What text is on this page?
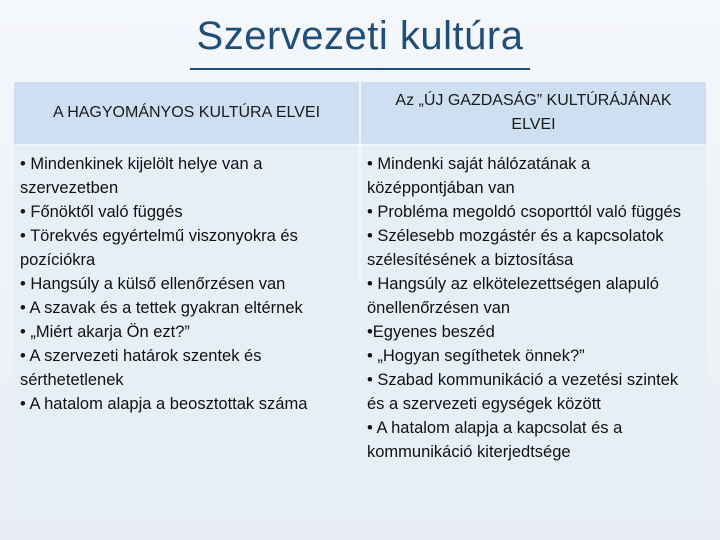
Szervezeti kultúra
A HAGYOMÁNYOS KULTÚRA ELVEI
Az „ÚJ GAZDASÁG” KULTÚRÁJÁNAK ELVEI

• Mindenkinek kijelölt helye van a szervezetben

• Főnöktől való függés

• Törekvés egyértelmű viszonyokra és pozíciókra

• Hangsúly a külső ellenőrzésen van

• A szavak és a tettek gyakran eltérnek

• „Miért akarja Ön ezt?”

• A szervezeti határok szentek és sérthetetlenek

• A hatalom alapja a beosztottak száma

• Mindenki saját hálózatának a középpontjában van

• Probléma megoldó csoporttól való függés

• Szélesebb mozgástér és a kapcsolatok szélesítésének a biztosítása

• Hangsúly az elkötelezettségen alapuló önellenőrzésen van

•Egyenes beszéd

• „Hogyan segíthetek önnek?”

• Szabad kommunikáció a vezetési szintek és a szervezeti egységek között

• A hatalom alapja a kapcsolat és a kommunikáció kiterjedtsége
